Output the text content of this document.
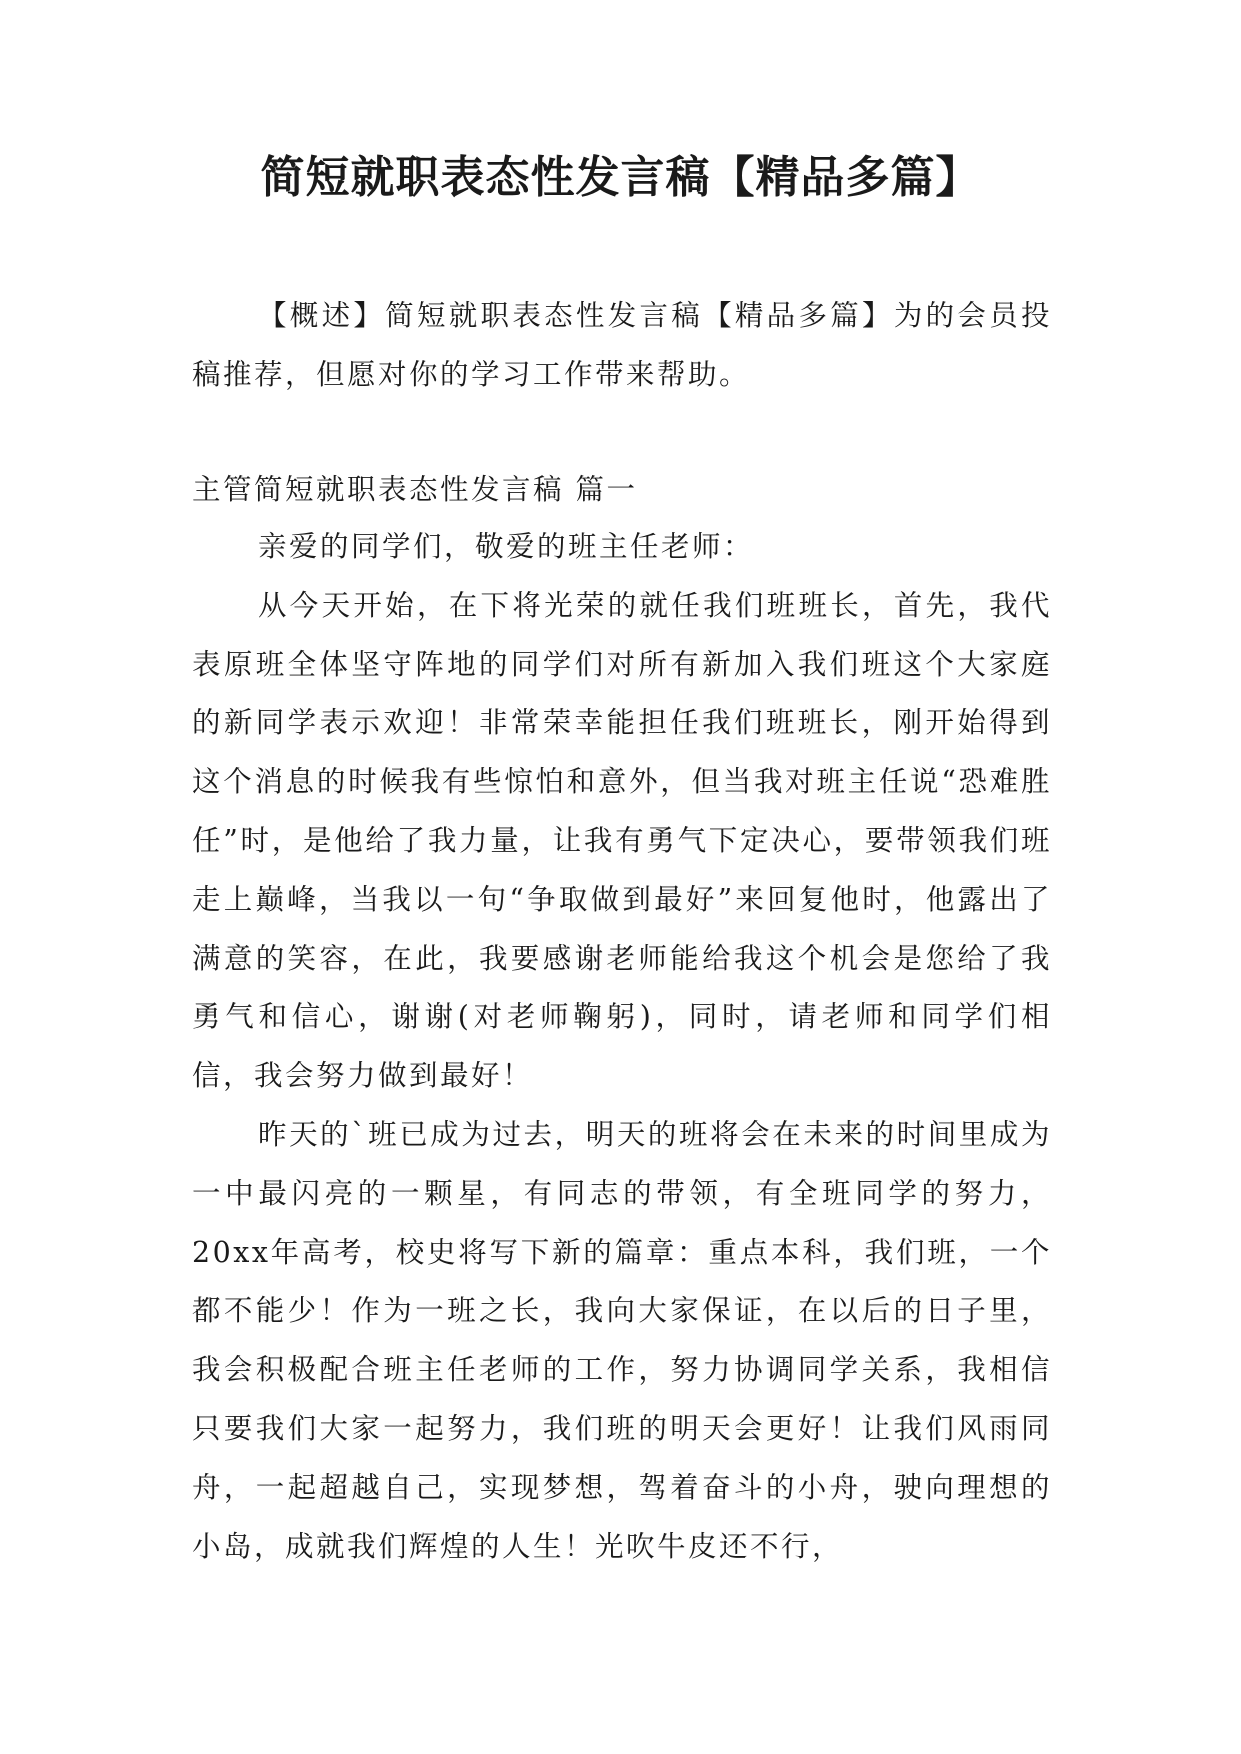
简短就职表态性发言稿【精品多篇】
【概述】简短就职表态性发言稿【精品多篇】为的会员投稿推荐，但愿对你的学习工作带来帮助。
主管简短就职表态性发言稿 篇一

亲爱的同学们，敬爱的班主任老师：

从今天开始，在下将光荣的就任我们班班长，首先，我代表原班全体坚守阵地的同学们对所有新加入我们班这个大家庭的新同学表示欢迎！非常荣幸能担任我们班班长，刚开始得到这个消息的时候我有些惊怕和意外，但当我对班主任说“恐难胜任”时，是他给了我力量，让我有勇气下定决心，要带领我们班走上巅峰，当我以一句“争取做到最好”来回复他时，他露出了满意的笑容，在此，我要感谢老师能给我这个机会是您给了我勇气和信心，谢谢(对老师鞠躬)，同时，请老师和同学们相信，我会努力做到最好！

昨天的`班已成为过去，明天的班将会在未来的时间里成为一中最闪亮的一颗星，有同志的带领，有全班同学的努力，20xx年高考，校史将写下新的篇章：重点本科，我们班，一个都不能少！作为一班之长，我向大家保证，在以后的日子里，我会积极配合班主任老师的工作，努力协调同学关系，我相信只要我们大家一起努力，我们班的明天会更好！让我们风雨同舟，一起超越自己，实现梦想，驾着奋斗的小舟，驶向理想的小岛，成就我们辉煌的人生！光吹牛皮还不行，
